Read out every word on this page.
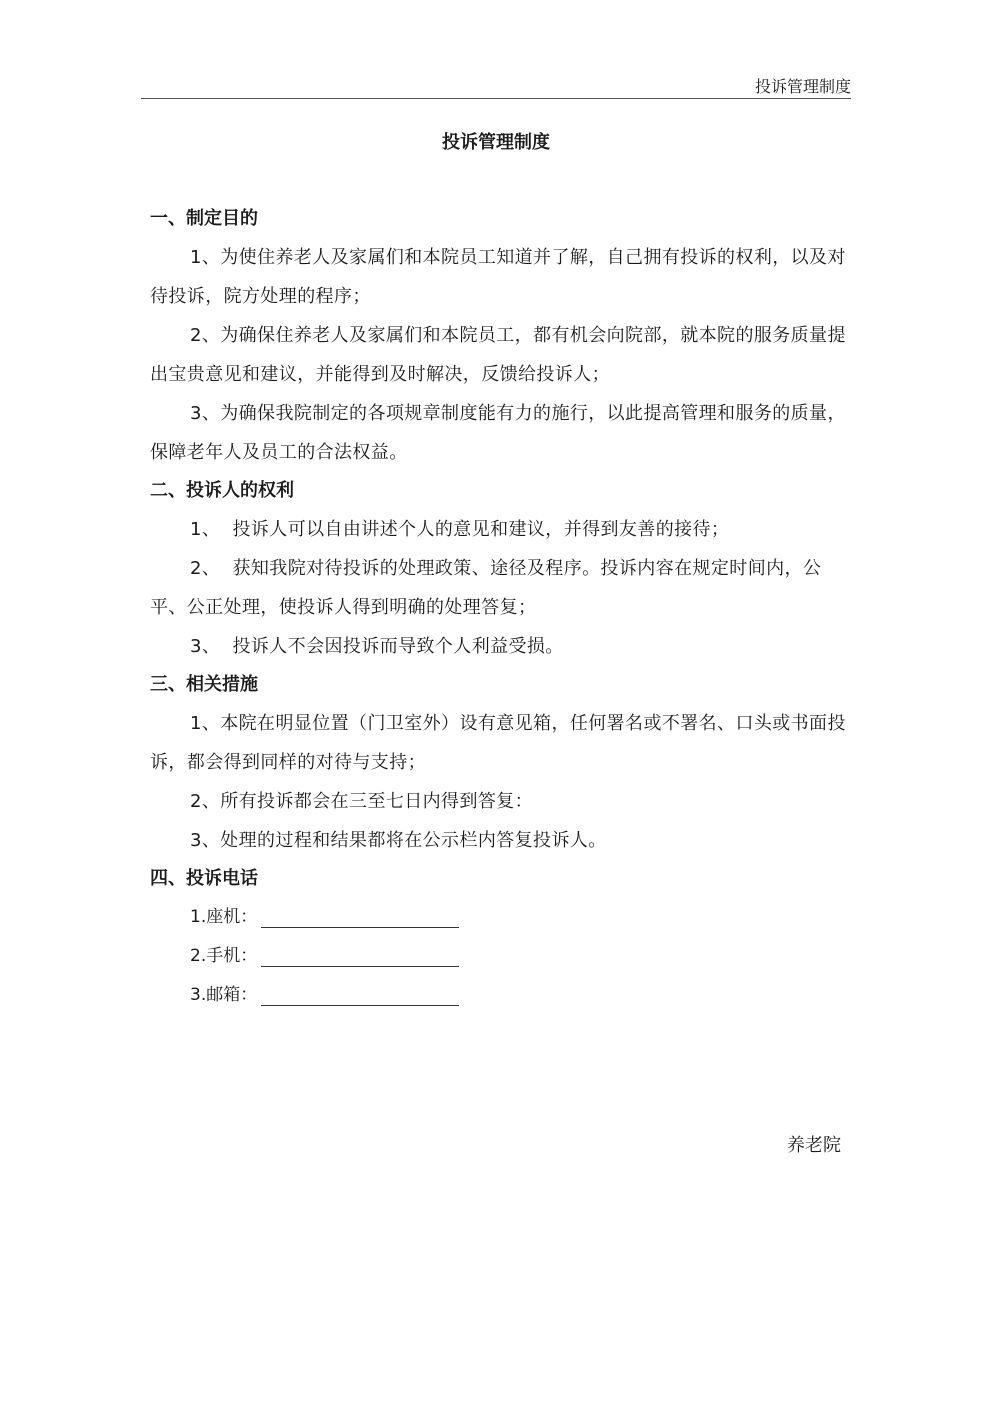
投诉管理制度
投诉管理制度
一、制定目的

1、为使住养老人及家属们和本院员工知道并了解，自己拥有投诉的权利，以及对待投诉，院方处理的程序；

2、为确保住养老人及家属们和本院员工，都有机会向院部，就本院的服务质量提出宝贵意见和建议，并能得到及时解决，反馈给投诉人；

3、为确保我院制定的各项规章制度能有力的施行，以此提高管理和服务的质量，保障老年人及员工的合法权益。

二、投诉人的权利

1、  投诉人可以自由讲述个人的意见和建议，并得到友善的接待；

2、  获知我院对待投诉的处理政策、途径及程序。投诉内容在规定时间内，公平、公正处理，使投诉人得到明确的处理答复；

3、  投诉人不会因投诉而导致个人利益受损。

三、相关措施

1、本院在明显位置（门卫室外）设有意见箱，任何署名或不署名、口头或书面投诉，都会得到同样的对待与支持；

2、所有投诉都会在三至七日内得到答复：

3、处理的过程和结果都将在公示栏内答复投诉人。

四、投诉电话
1.座机：
2.手机：
3.邮箱：
养老院
